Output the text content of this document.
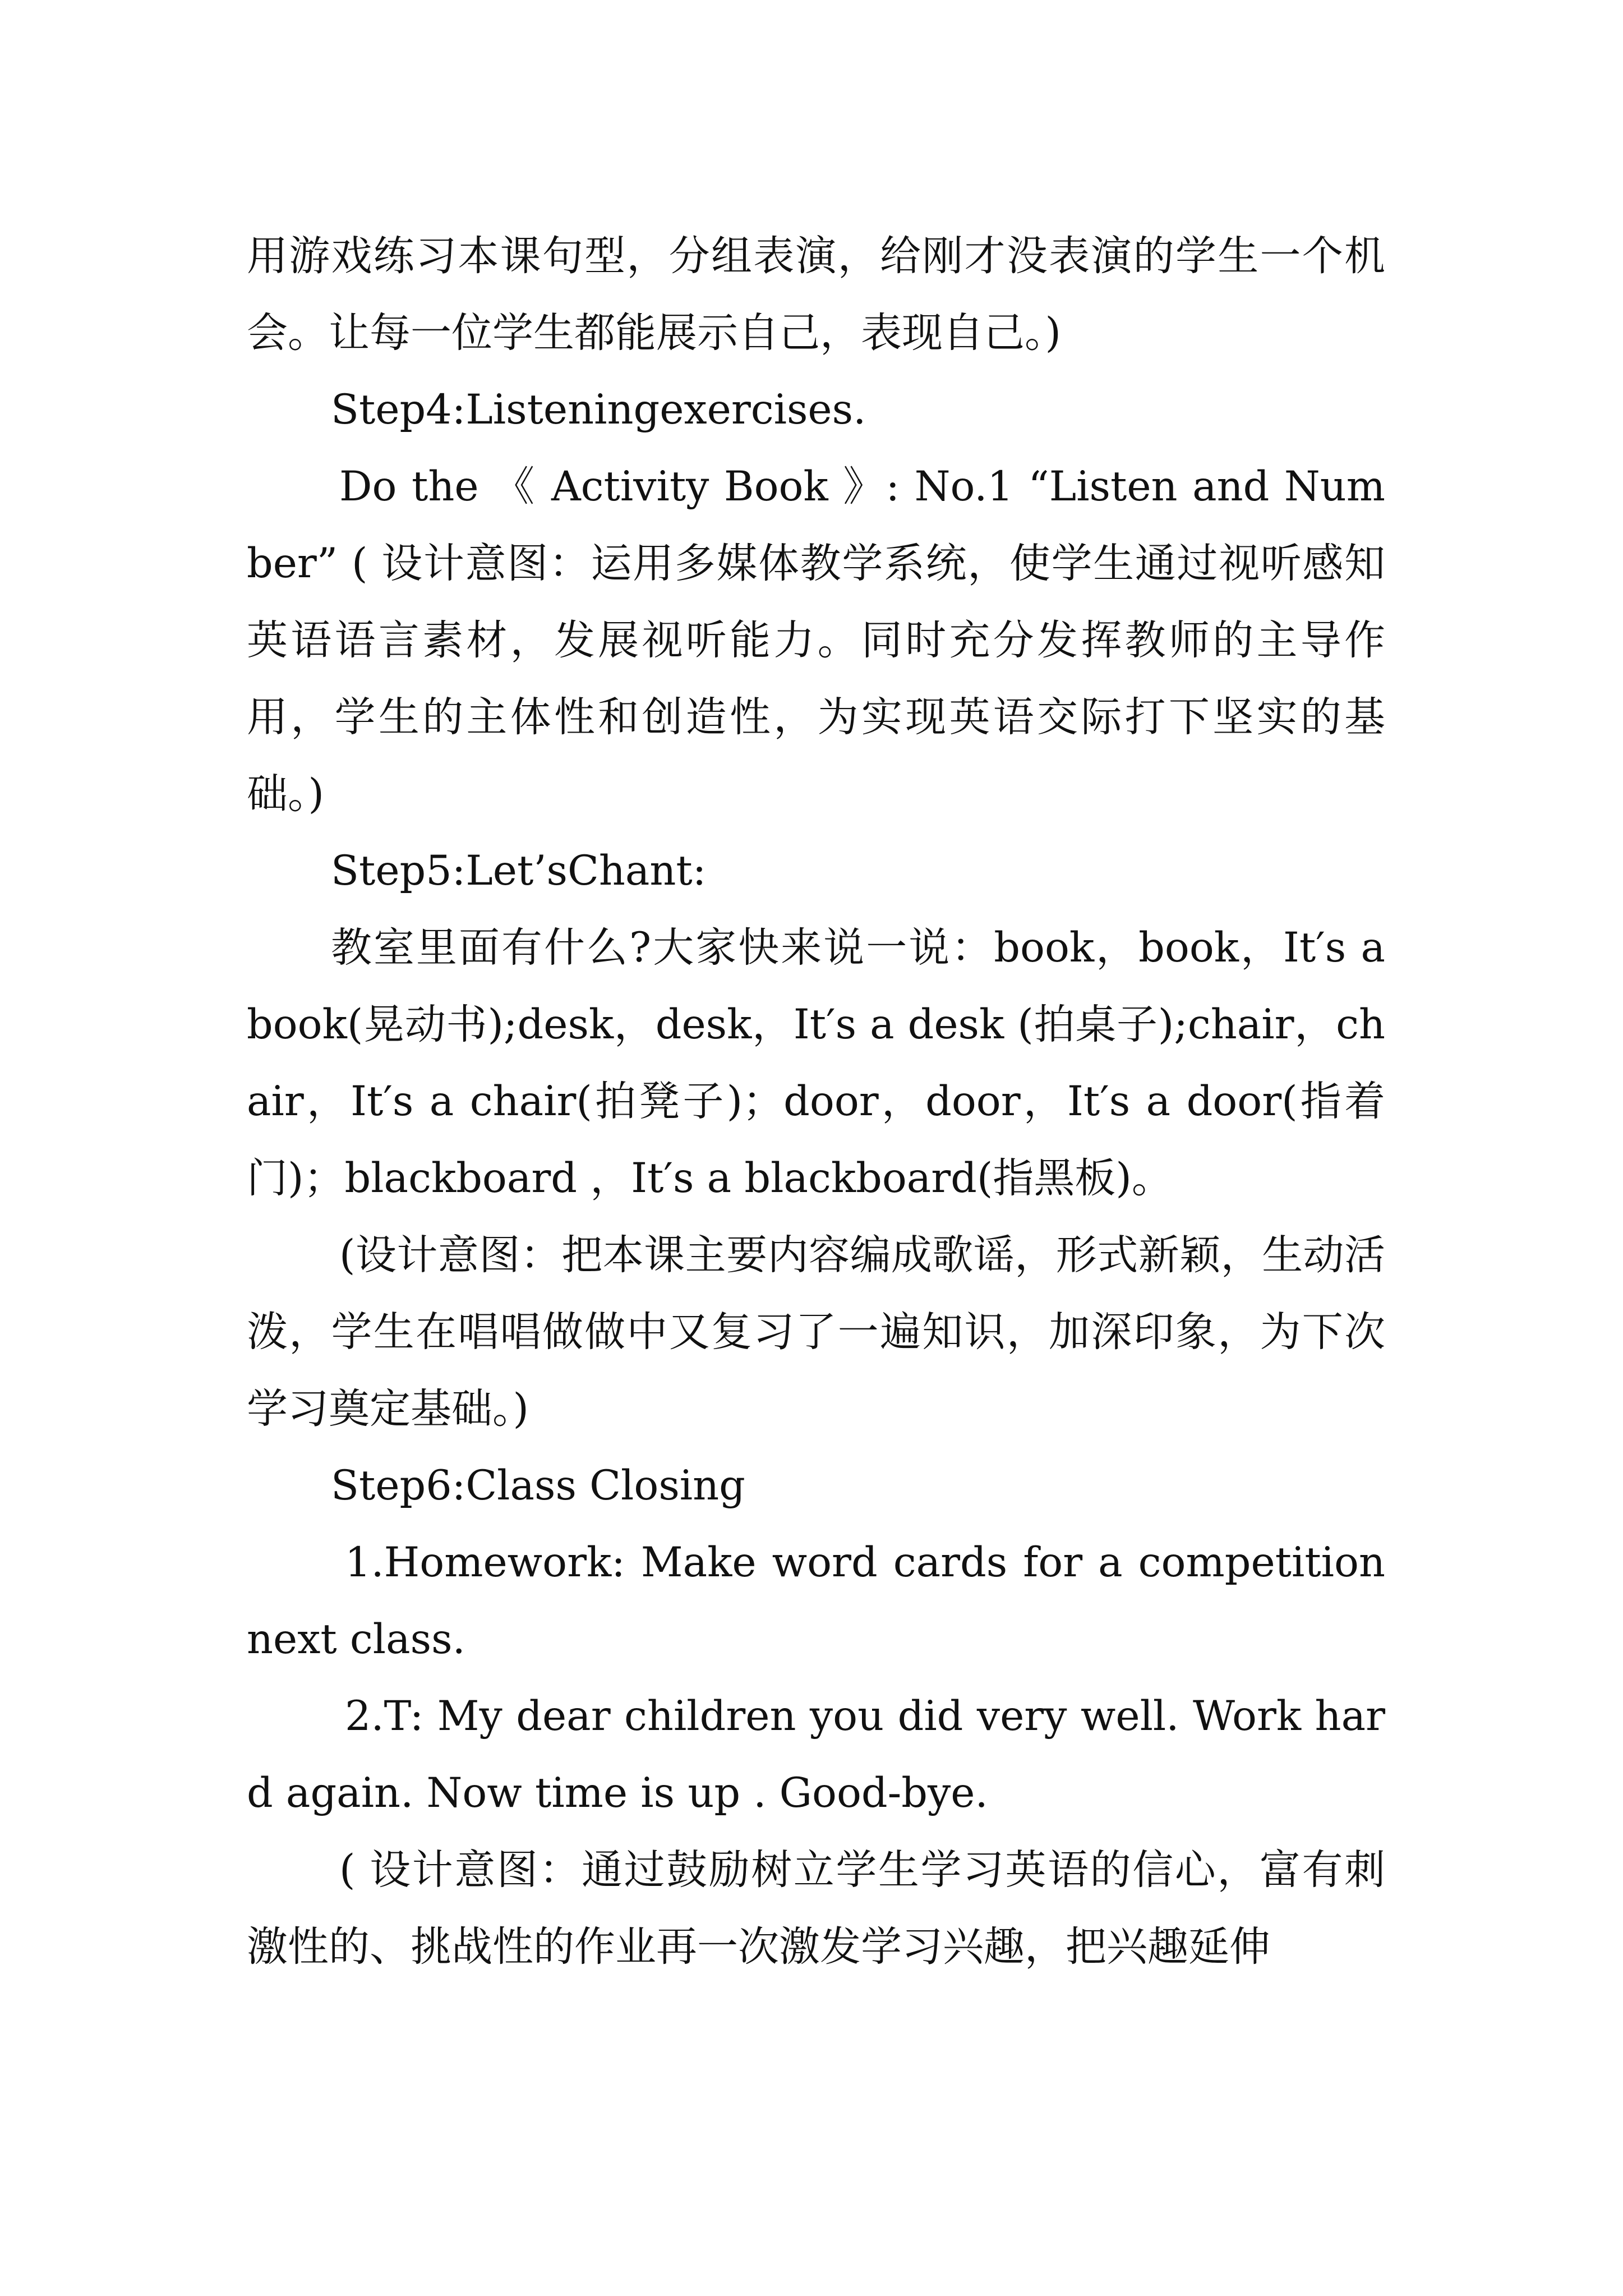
用游戏练习本课句型，分组表演，给刚才没表演的学生一个机会。让每一位学生都能展示自己，表现自己。)

Step4:Listeningexercises.

Do the 《 Activity Book 》: No.1 “Listen and Number” ( 设计意图：运用多媒体教学系统，使学生通过视听感知英语语言素材，发展视听能力。同时充分发挥教师的主导作用，学生的主体性和创造性，为实现英语交际打下坚实的基础。)

Step5:Let’sChant:

教室里面有什么?大家快来说一说：book，book，It′s a book(晃动书);desk，desk，It′s a desk (拍桌子);chair，chair，It′s a chair(拍凳子)；door，door，It′s a door(指着门)；blackboard ，It′s a blackboard(指黑板)。

(设计意图：把本课主要内容编成歌谣，形式新颖，生动活泼，学生在唱唱做做中又复习了一遍知识，加深印象，为下次学习奠定基础。)

Step6:Class Closing

1.Homework: Make word cards for a competition next class.

2.T: My dear children you did very well. Work hard again. Now time is up . Good-bye.

( 设计意图：通过鼓励树立学生学习英语的信心，富有刺激性的、挑战性的作业再一次激发学习兴趣，把兴趣延伸
